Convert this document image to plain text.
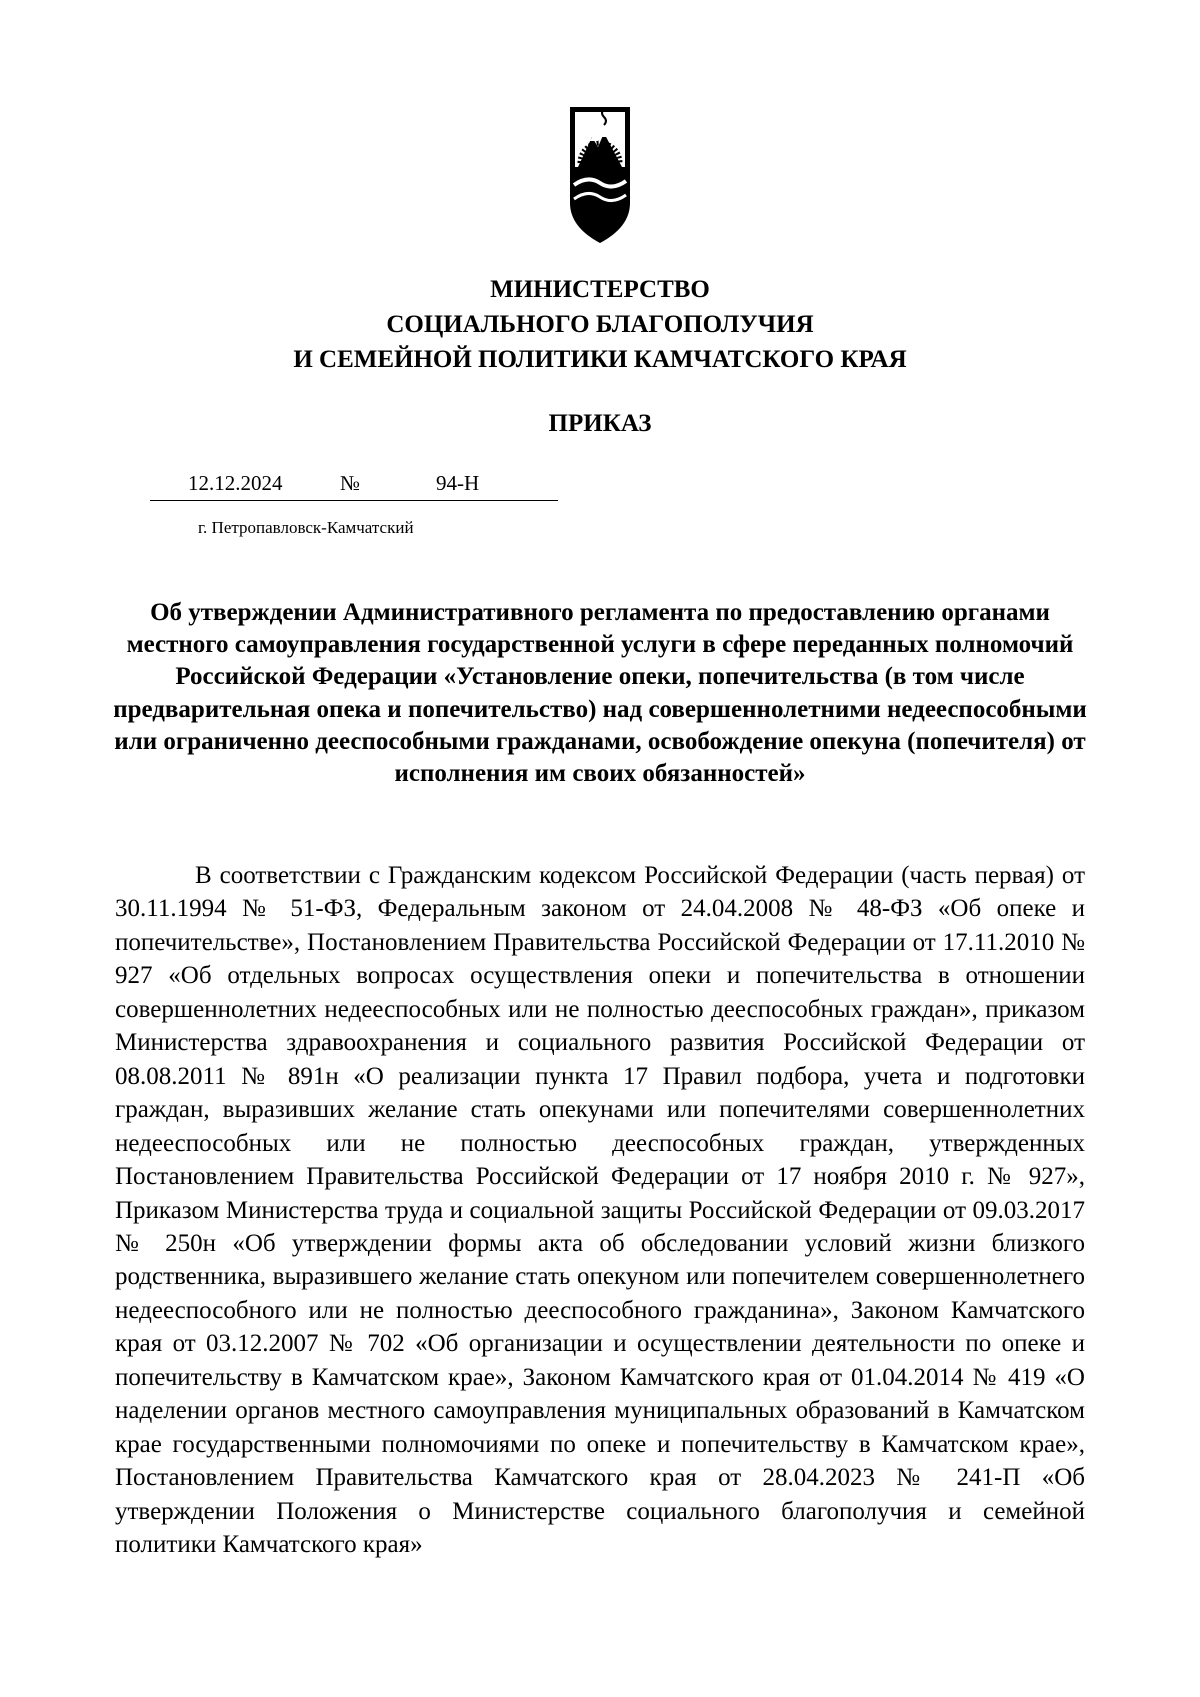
МИНИСТЕРСТВО
СОЦИАЛЬНОГО БЛАГОПОЛУЧИЯ
И СЕМЕЙНОЙ ПОЛИТИКИ КАМЧАТСКОГО КРАЯ
ПРИКАЗ
12.12.2024	№	94-Н
г. Петропавловск-Камчатский
Об утверждении Административного регламента по предоставлению органами местного самоуправления государственной услуги в сфере переданных полномочий Российской Федерации «Установление опеки, попечительства (в том числе предварительная опека и попечительство) над совершеннолетними недееспособными или ограниченно дееспособными гражданами, освобождение опекуна (попечителя) от исполнения им своих обязанностей»

В соответствии с Гражданским кодексом Российской Федерации (часть первая) от 30.11.1994 № 51-ФЗ, Федеральным законом от 24.04.2008 № 48-ФЗ «Об опеке и попечительстве», Постановлением Правительства Российской Федерации от 17.11.2010 № 927 «Об отдельных вопросах осуществления опеки и попечительства в отношении совершеннолетних недееспособных или не полностью дееспособных граждан», приказом Министерства здравоохранения и социального развития Российской Федерации от 08.08.2011 № 891н «О реализации пункта 17 Правил подбора, учета и подготовки граждан, выразивших желание стать опекунами или попечителями совершеннолетних недееспособных или не полностью дееспособных граждан, утвержденных Постановлением Правительства Российской Федерации от 17 ноября 2010 г. № 927», Приказом Министерства труда и социальной защиты Российской Федерации от 09.03.2017 № 250н «Об утверждении формы акта об обследовании условий жизни близкого родственника, выразившего желание стать опекуном или попечителем совершеннолетнего недееспособного или не полностью дееспособного гражданина», Законом Камчатского края от 03.12.2007 № 702 «Об организации и осуществлении деятельности по опеке и попечительству в Камчатском крае», Законом Камчатского края от 01.04.2014 № 419 «О наделении органов местного самоуправления муниципальных образований в Камчатском крае государственными полномочиями по опеке и попечительству в Камчатском крае», Постановлением Правительства Камчатского края от 28.04.2023 № 241-П «Об утверждении Положения о Министерстве социального благополучия и семейной политики Камчатского края»
